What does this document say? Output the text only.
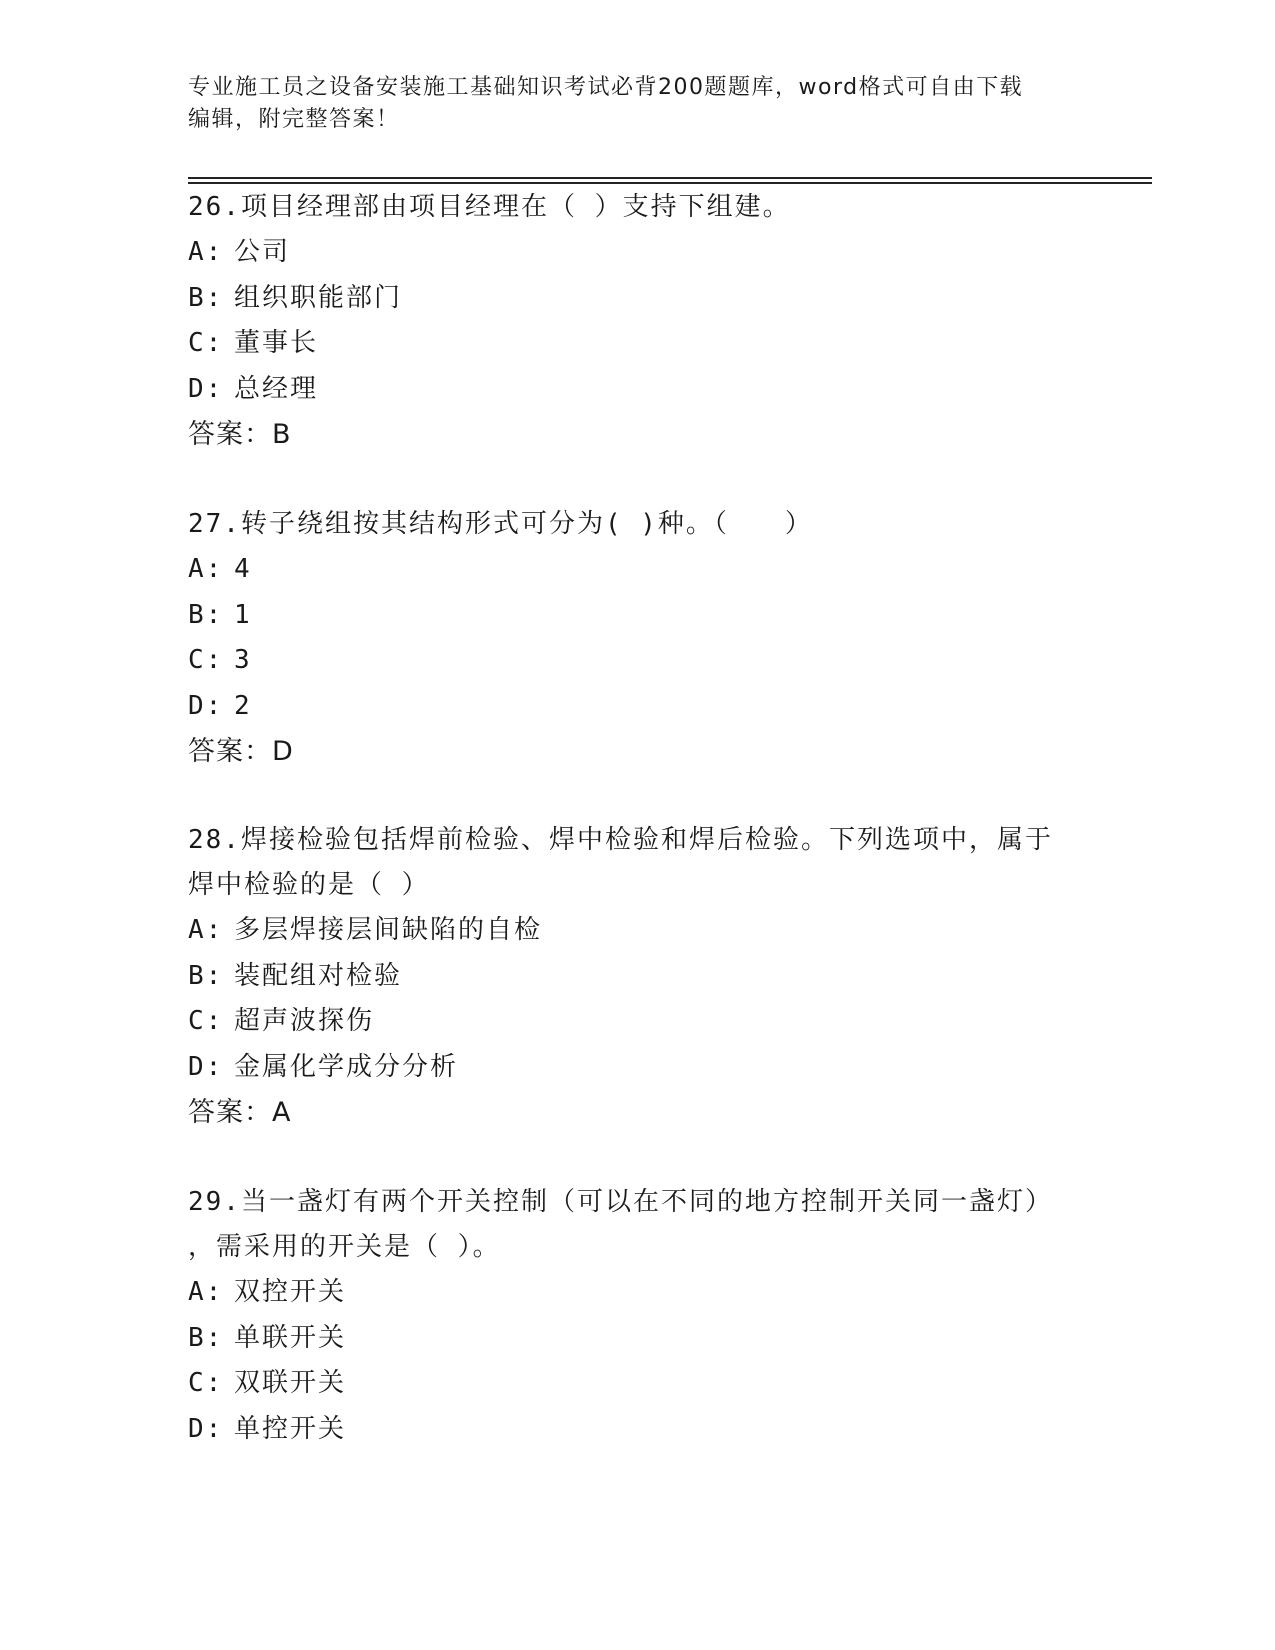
专业施工员之设备安装施工基础知识考试必背200题题库，word格式可自由下载
编辑，附完整答案！

26.项目经理部由项目经理在（ ）支持下组建。

A: 公司
B: 组织职能部门
C: 董事长
D: 总经理
答案：B

27.转子绕组按其结构形式可分为( )种。（　　）

A: 4
B: 1
C: 3
D: 2
答案：D

28.焊接检验包括焊前检验、焊中检验和焊后检验。下列选项中，属于

焊中检验的是（ ）

A: 多层焊接层间缺陷的自检
B: 装配组对检验
C: 超声波探伤
D: 金属化学成分分析
答案：A

29.当一盏灯有两个开关控制（可以在不同的地方控制开关同一盏灯）

，需采用的开关是（ ）。

A: 双控开关
B: 单联开关
C: 双联开关
D: 单控开关
